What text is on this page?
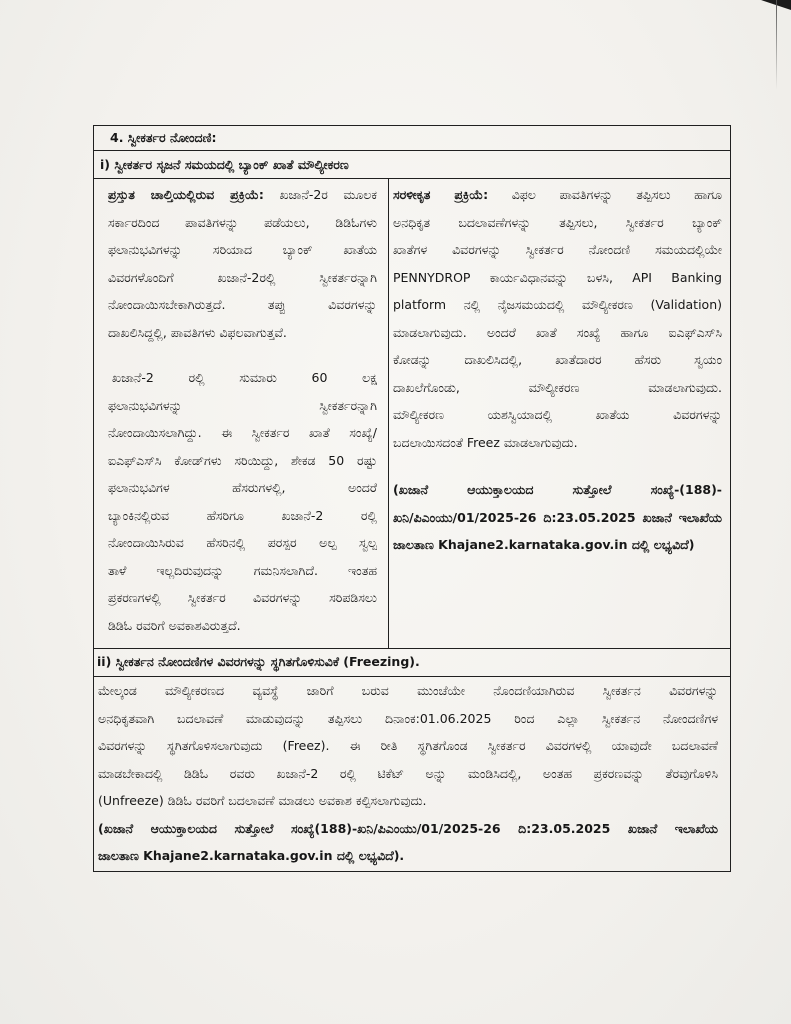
4. ಸ್ವೀಕರ್ತರ ನೋಂದಣಿ:
i) ಸ್ವೀಕರ್ತರ ಸೃಜನೆ ಸಮಯದಲ್ಲಿ ಬ್ಯಾಂಕ್ ಖಾತೆ ಮೌಲ್ಯೀಕರಣ
ಪ್ರಸ್ತುತ ಚಾಲ್ತಿಯಲ್ಲಿರುವ ಪ್ರಕ್ರಿಯೆ: ಖಜಾನೆ-2ರ ಮೂಲಕ
ಸರ್ಕಾರದಿಂದ ಪಾವತಿಗಳನ್ನು ಪಡೆಯಲು, ಡಿಡಿಓಗಳು
ಫಲಾನುಭವಿಗಳನ್ನು ಸರಿಯಾದ ಬ್ಯಾಂಕ್ ಖಾತೆಯ
ವಿವರಗಳೊಂದಿಗೆ ಖಜಾನೆ-2ರಲ್ಲಿ ಸ್ವೀಕರ್ತರನ್ನಾಗಿ
ನೋಂದಾಯಿಸಬೇಕಾಗಿರುತ್ತದೆ. ತಪ್ಪು ವಿವರಗಳನ್ನು
ದಾಖಲಿಸಿದ್ದಲ್ಲಿ, ಪಾವತಿಗಳು ವಿಫಲವಾಗುತ್ತವೆ.
ಖಜಾನೆ-2 ರಲ್ಲಿ ಸುಮಾರು 60 ಲಕ್ಷ
ಫಲಾನುಭವಿಗಳನ್ನು ಸ್ವೀಕರ್ತರನ್ನಾಗಿ
ನೋಂದಾಯಿಸಲಾಗಿದ್ದು. ಈ ಸ್ವೀಕರ್ತರ ಖಾತೆ ಸಂಖ್ಯೆ/
ಐಎಫ್‌ಎಸ್‌ಸಿ ಕೋಡ್‌ಗಳು ಸರಿಯಿದ್ದು, ಶೇಕಡ 50 ರಷ್ಟು
ಫಲಾನುಭವಿಗಳ ಹೆಸರುಗಳಲ್ಲಿ, ಅಂದರೆ
ಬ್ಯಾಂಕಿನಲ್ಲಿರುವ ಹೆಸರಿಗೂ ಖಜಾನೆ-2 ರಲ್ಲಿ
ನೋಂದಾಯಿಸಿರುವ ಹೆಸರಿನಲ್ಲಿ ಪರಸ್ಪರ ಅಲ್ಪ ಸ್ವಲ್ಪ
ತಾಳೆ ಇಲ್ಲದಿರುವುದನ್ನು ಗಮನಿಸಲಾಗಿದೆ. ಇಂತಹ
ಪ್ರಕರಣಗಳಲ್ಲಿ ಸ್ವೀಕರ್ತರ ವಿವರಗಳನ್ನು ಸರಿಪಡಿಸಲು
ಡಿಡಿಓ ರವರಿಗೆ ಅವಕಾಶವಿರುತ್ತದೆ.
ಸರಳೀಕೃತ ಪ್ರಕ್ರಿಯೆ: ವಿಫಲ ಪಾವತಿಗಳನ್ನು ತಪ್ಪಿಸಲು ಹಾಗೂ
ಅನಧಿಕೃತ ಬದಲಾವಣೆಗಳನ್ನು ತಪ್ಪಿಸಲು, ಸ್ವೀಕರ್ತರ ಬ್ಯಾಂಕ್
ಖಾತೆಗಳ ವಿವರಗಳನ್ನು ಸ್ವೀಕರ್ತರ ನೋಂದಣಿ ಸಮಯದಲ್ಲಿಯೇ
PENNYDROP ಕಾರ್ಯವಿಧಾನವನ್ನು ಬಳಸಿ, API Banking
platform ನಲ್ಲಿ ನೈಜಸಮಯದಲ್ಲಿ ಮೌಲ್ಯೀಕರಣ (Validation)
ಮಾಡಲಾಗುವುದು. ಅಂದರೆ ಖಾತೆ ಸಂಖ್ಯೆ ಹಾಗೂ ಐಎಫ್‌ಎಸ್‌ಸಿ
ಕೋಡನ್ನು ದಾಖಲಿಸಿದಲ್ಲಿ, ಖಾತೆದಾರರ ಹೆಸರು ಸ್ವಯಂ
ದಾಖಲೆಗೊಂಡು, ಮೌಲ್ಯೀಕರಣ ಮಾಡಲಾಗುವುದು.
ಮೌಲ್ಯೀಕರಣ ಯಶಸ್ವಿಯಾದಲ್ಲಿ ಖಾತೆಯ ವಿವರಗಳನ್ನು
ಬದಲಾಯಿಸದಂತೆ Freez ಮಾಡಲಾಗುವುದು.
(ಖಜಾನೆ ಆಯುಕ್ತಾಲಯದ ಸುತ್ತೋಲೆ ಸಂಖ್ಯೆ-(188)-
ಖನಿ/ಪಿಎಂಯು/01/2025-26 ದಿ:23.05.2025 ಖಜಾನೆ ಇಲಾಖೆಯ
ಜಾಲತಾಣ Khajane2.karnataka.gov.in ದಲ್ಲಿ ಲಭ್ಯವಿದೆ)
ii) ಸ್ವೀಕರ್ತನ ನೋಂದಣಿಗಳ ವಿವರಗಳನ್ನು ಸ್ಥಗಿತಗೊಳಿಸುವಿಕೆ (Freezing).
ಮೇಲ್ಕಂಡ ಮೌಲ್ಯೀಕರಣದ ವ್ಯವಸ್ಥೆ ಜಾರಿಗೆ ಬರುವ ಮುಂಚೆಯೇ ನೊಂದಣಿಯಾಗಿರುವ ಸ್ವೀಕರ್ತನ ವಿವರಗಳನ್ನು
ಅನಧಿಕೃತವಾಗಿ ಬದಲಾವಣೆ ಮಾಡುವುದನ್ನು ತಪ್ಪಿಸಲು ದಿನಾಂಕ:01.06.2025 ರಿಂದ ಎಲ್ಲಾ ಸ್ವೀಕರ್ತನ ನೋಂದಣಿಗಳ
ವಿವರಗಳನ್ನು ಸ್ಥಗಿತಗೊಳಿಸಲಾಗುವುದು (Freez). ಈ ರೀತಿ ಸ್ಥಗಿತಗೊಂಡ ಸ್ವೀಕರ್ತರ ವಿವರಗಳಲ್ಲಿ ಯಾವುದೇ ಬದಲಾವಣೆ
ಮಾಡಬೇಕಾದಲ್ಲಿ ಡಿಡಿಓ ರವರು ಖಜಾನೆ-2 ರಲ್ಲಿ ಟಿಕೆಟ್ ಅನ್ನು ಮಂಡಿಸಿದಲ್ಲಿ, ಅಂತಹ ಪ್ರಕರಣವನ್ನು ತೆರವುಗೊಳಿಸಿ
(Unfreeze) ಡಿಡಿಓ ರವರಿಗೆ ಬದಲಾವಣೆ ಮಾಡಲು ಅವಕಾಶ ಕಲ್ಪಿಸಲಾಗುವುದು.
(ಖಜಾನೆ ಆಯುಕ್ತಾಲಯದ ಸುತ್ತೋಲೆ ಸಂಖ್ಯೆ(188)-ಖನಿ/ಪಿಎಂಯು/01/2025-26 ದಿ:23.05.2025 ಖಜಾನೆ ಇಲಾಖೆಯ
ಜಾಲತಾಣ Khajane2.karnataka.gov.in ದಲ್ಲಿ ಲಭ್ಯವಿದೆ).
